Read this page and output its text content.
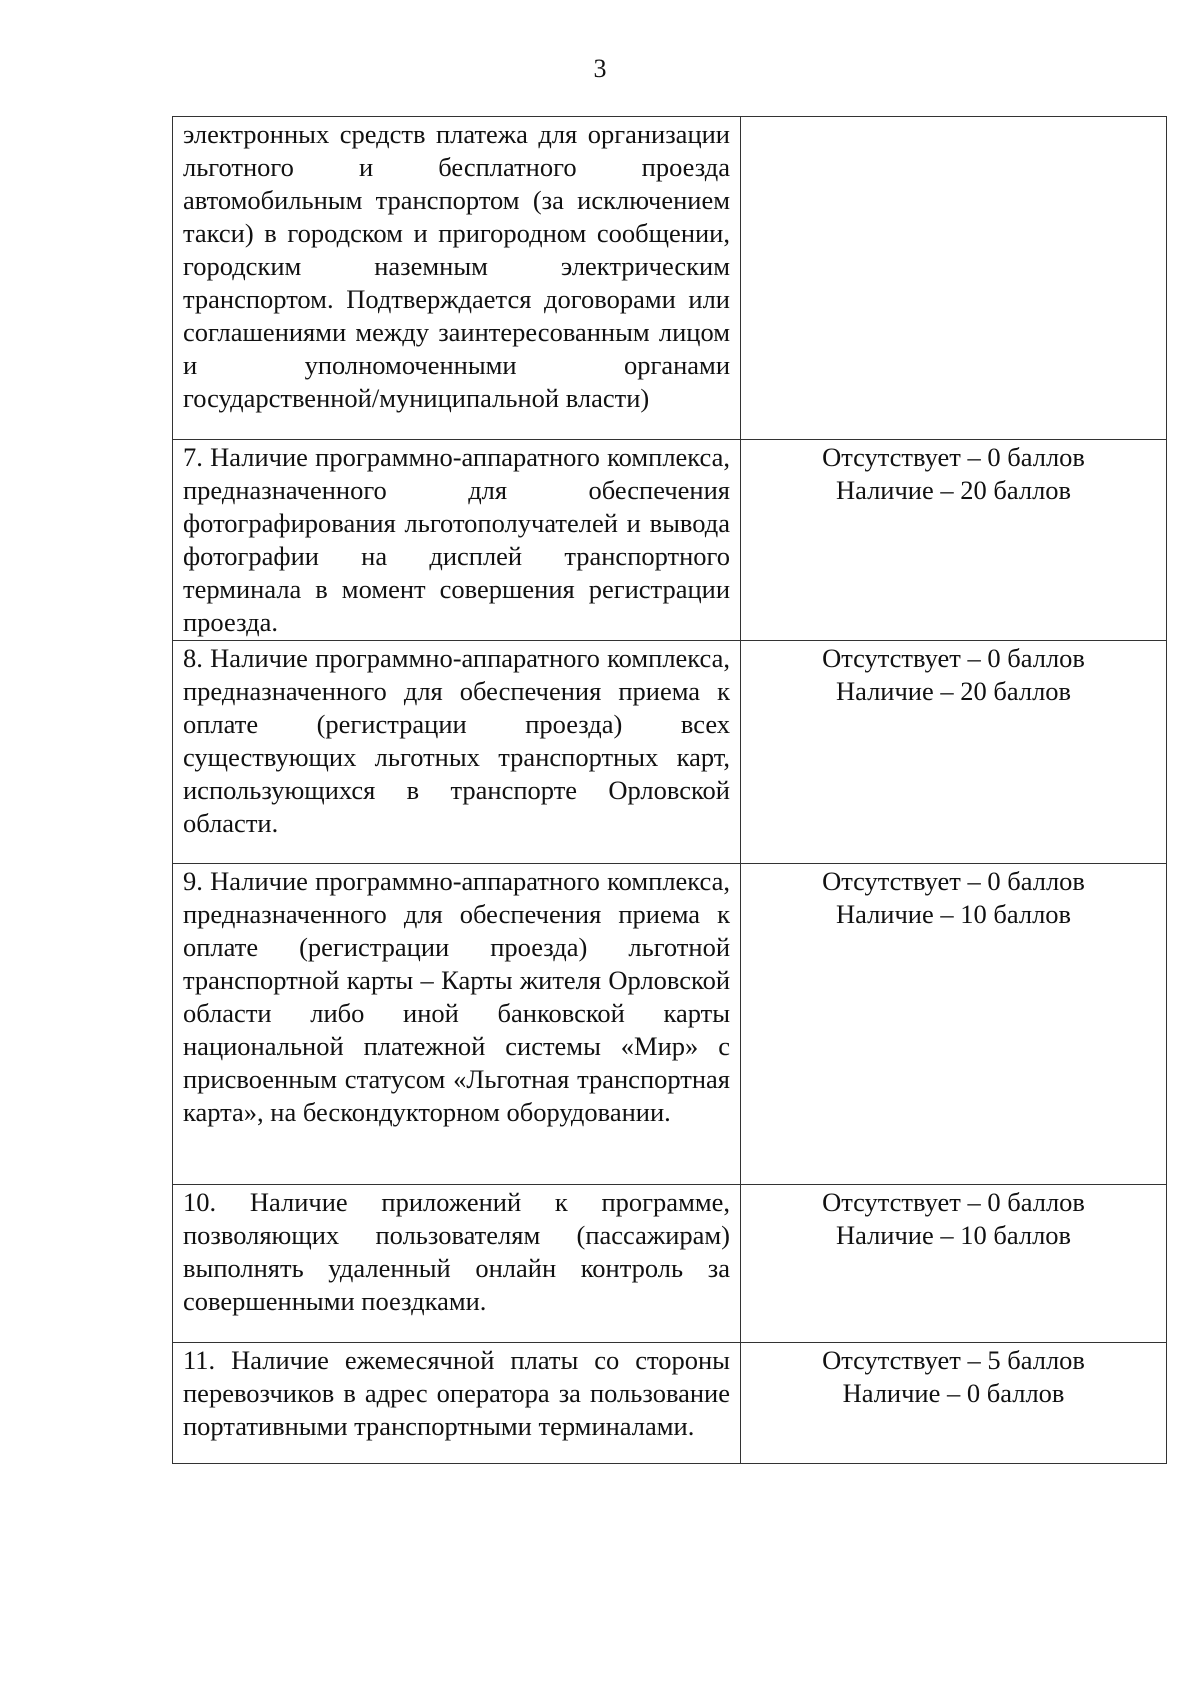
3
электронных средств платежа для организации льготного и бесплатного проезда автомобильным транспортом (за исключением такси) в городском и пригородном сообщении, городским наземным электрическим транспортом. Подтверждается договорами или соглашениями между заинтересованным лицом и уполномоченными органами государственной/муниципальной власти)	
7. Наличие программно-аппаратного комплекса, предназначенного для обеспечения фотографирования льготополучателей и вывода фотографии на дисплей транспортного терминала в момент совершения регистрации проезда.	Отсутствует – 0 баллов
Наличие – 20 баллов

8. Наличие программно-аппаратного комплекса, предназначенного для обеспечения приема к оплате (регистрации проезда) всех существующих льготных транспортных карт, использующихся в транспорте Орловской области.	Отсутствует – 0 баллов
Наличие – 20 баллов

9. Наличие программно-аппаратного комплекса, предназначенного для обеспечения приема к оплате (регистрации проезда) льготной транспортной карты – Карты жителя Орловской области либо иной банковской карты национальной платежной системы «Мир» с присвоенным статусом «Льготная транспортная карта», на бескондукторном оборудовании.	Отсутствует – 0 баллов
Наличие – 10 баллов

10. Наличие приложений к программе, позволяющих пользователям (пассажирам) выполнять удаленный онлайн контроль за совершенными поездками.	Отсутствует – 0 баллов
Наличие – 10 баллов

11. Наличие ежемесячной платы со стороны перевозчиков в адрес оператора за пользование портативными транспортными терминалами.	Отсутствует – 5 баллов
Наличие – 0 баллов
